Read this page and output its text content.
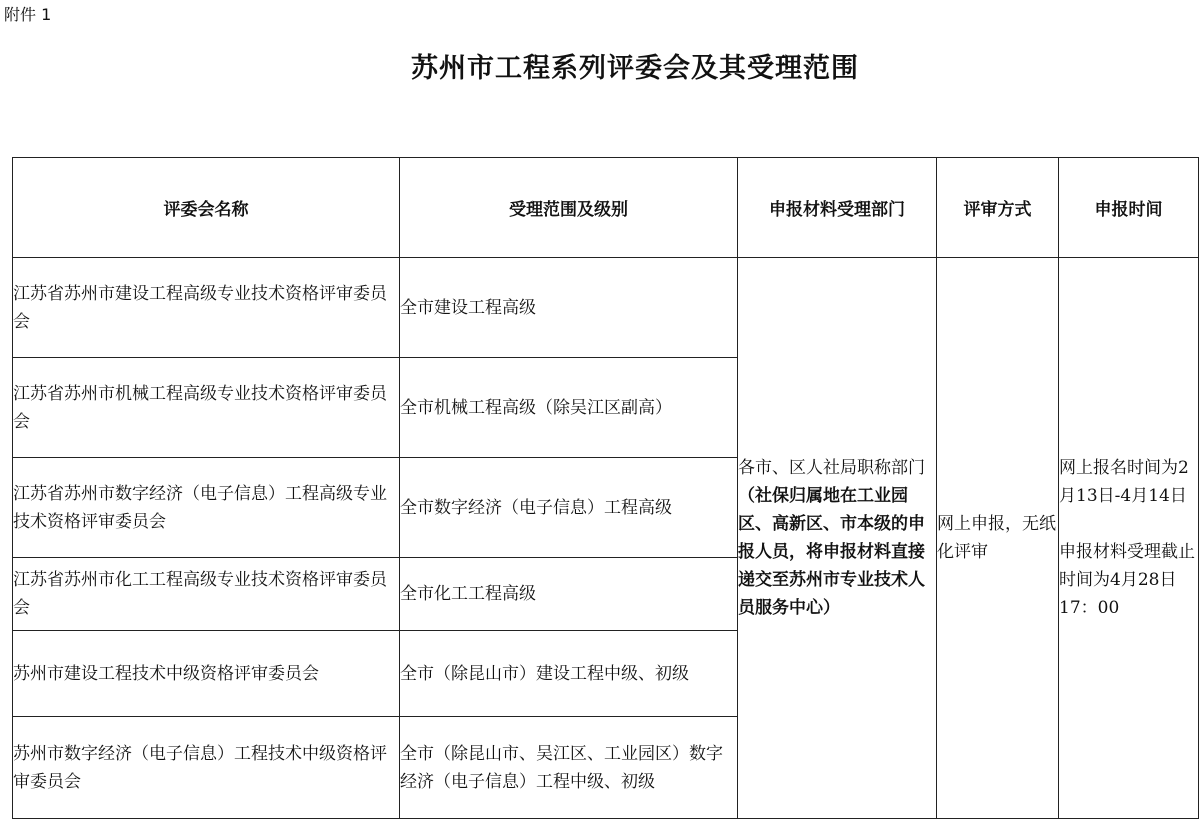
附件 1
苏州市工程系列评委会及其受理范围
评委会名称	受理范围及级别	申报材料受理部门	评审方式	申报时间
江苏省苏州市建设工程高级专业技术资格评审委员会	全市建设工程高级	各市、区人社局职称部门（社保归属地在工业园区、高新区、市本级的申报人员，将申报材料直接递交至苏州市专业技术人员服务中心）	网上申报，无纸化评审	网上报名时间为2月13日-4月14日
申报材料受理截止时间为4月28日17：00
江苏省苏州市机械工程高级专业技术资格评审委员会	全市机械工程高级（除吴江区副高）			
江苏省苏州市数字经济（电子信息）工程高级专业技术资格评审委员会	全市数字经济（电子信息）工程高级			
江苏省苏州市化工工程高级专业技术资格评审委员会	全市化工工程高级			
苏州市建设工程技术中级资格评审委员会	全市（除昆山市）建设工程中级、初级			
苏州市数字经济（电子信息）工程技术中级资格评审委员会	全市（除昆山市、吴江区、工业园区）数字经济（电子信息）工程中级、初级			
